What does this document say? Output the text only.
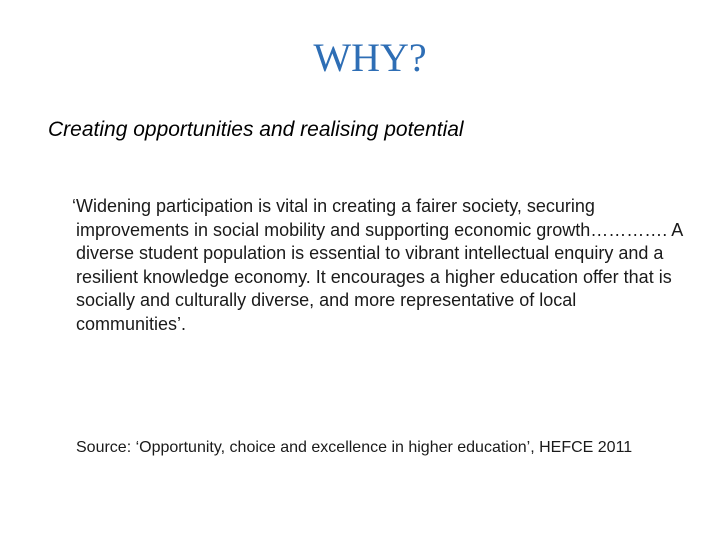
WHY?
Creating opportunities and realising potential
‘Widening participation is vital in creating a fairer society, securing improvements in social mobility and supporting economic growth…………. A diverse student population is essential to vibrant intellectual enquiry and a resilient knowledge economy. It encourages a higher education offer that is socially and culturally diverse, and more representative of local communities’.
Source: ‘Opportunity, choice and excellence in higher education’, HEFCE 2011
